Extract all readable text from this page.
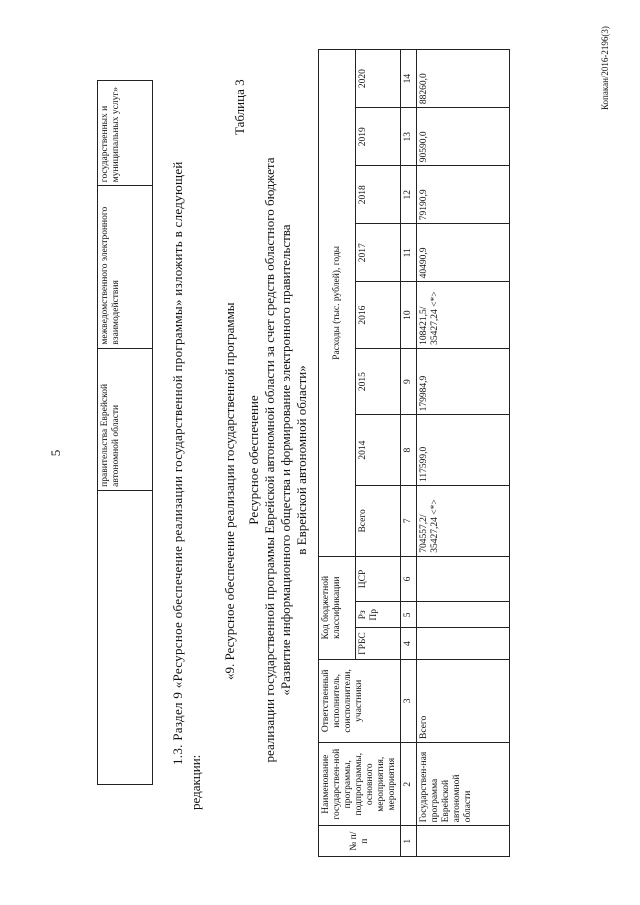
5
		правительства Еврейской автономной области	межведомственного электронного взаимодействия	государственных и муниципальных услуг»
1.3. Раздел 9 «Ресурсное обеспечение реализации государственной программы» изложить в следующей
редакции:
Таблица 3
«9. Ресурсное обеспечение реализации государственной программы Ресурсное обеспечение реализации государственной программы Еврейской автономной области за счет средств областного бюджета «Развитие информационного общества и формирование электронного правительства в Еврейской автономной области»
№ п/п	Наименование государствен-ной программы, подпрограммы, основного мероприятия, мероприятия	Ответственный исполнитель, соисполнители, участники	Код бюджетной классификации			Расходы (тыс. рублей), годы							
			ГРБС	Рз Пр	ЦСР	Всего	2014	2015	2016	2017	2018	2019	2020
1	2	3	4	5	6	7	8	9	10	11	12	13	14
	Государствен-ная программа Еврейской автономной области	Всего				704557,2/ 35427,24 <*>	117599,0	179984,9	108421,5/ 35427,24 <*>	40490,9	79190,9	90590,0	88260,0	Копакан/2016-2196(3)
